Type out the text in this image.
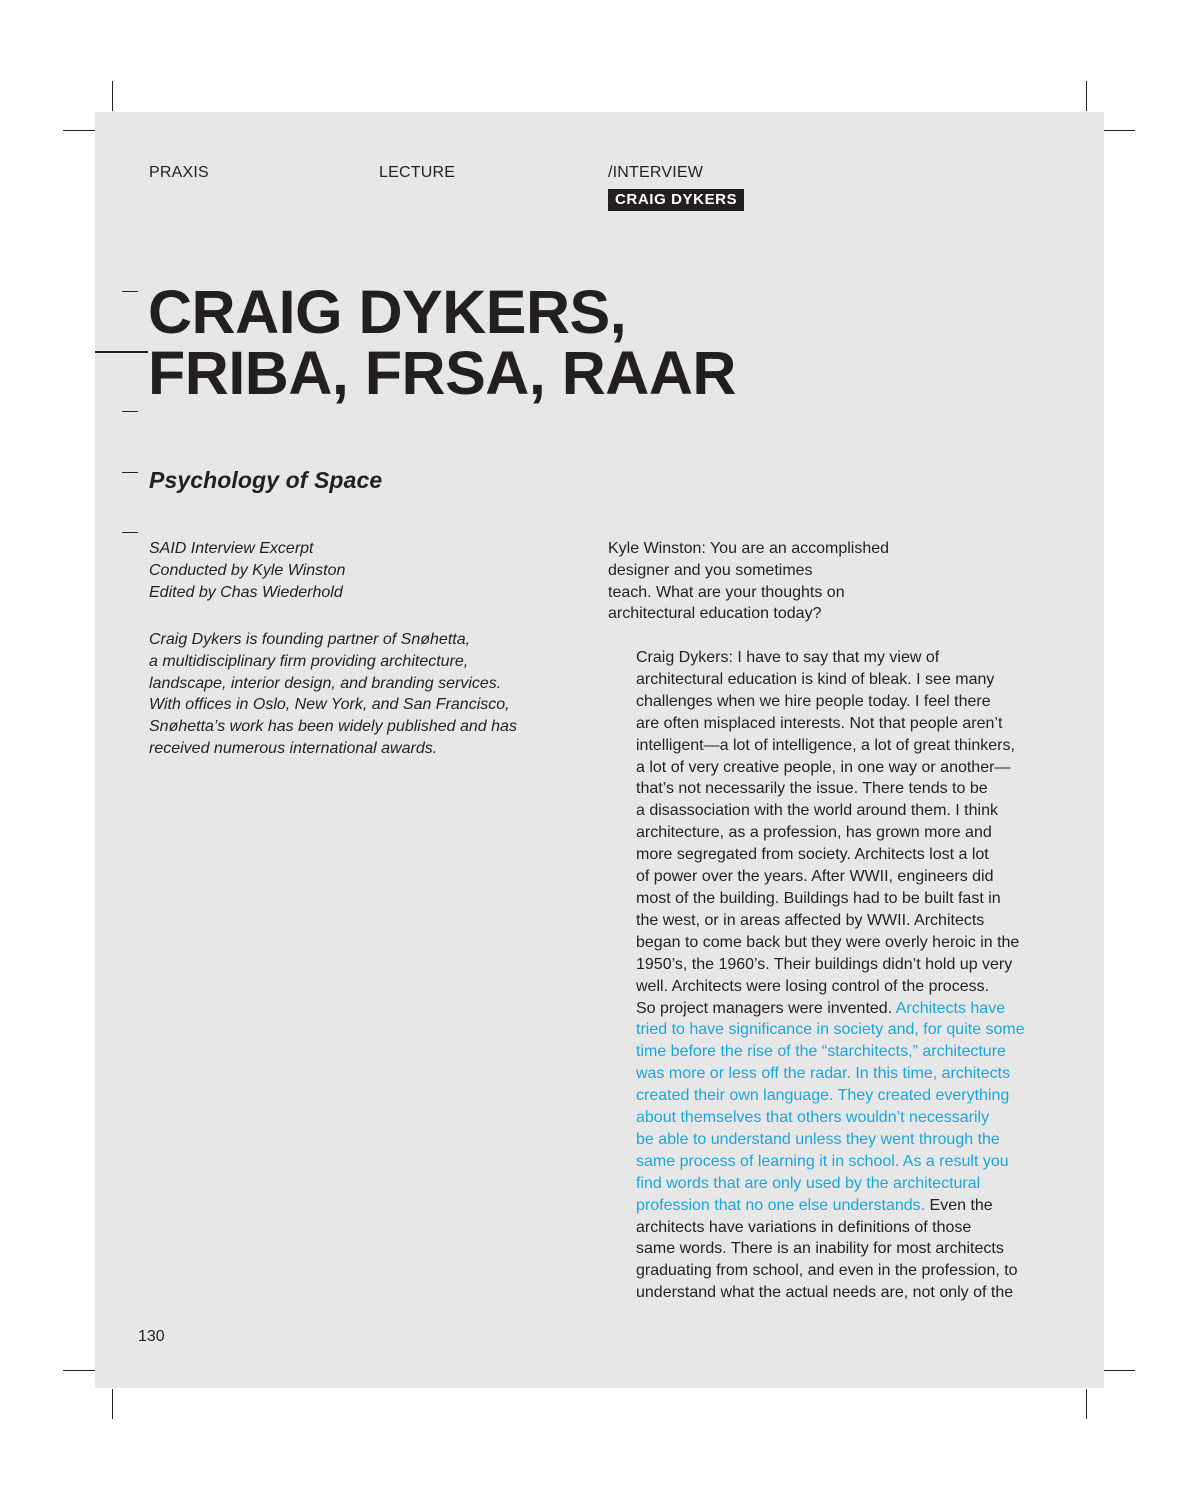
PRAXIS	LECTURE	/INTERVIEW
CRAIG DYKERS
CRAIG DYKERS,
FRIBA, FRSA, RAAR
Psychology of Space
SAID Interview Excerpt
Conducted by Kyle Winston
Edited by Chas Wiederhold
Craig Dykers is founding partner of Snøhetta,
a multidisciplinary firm providing architecture,
landscape, interior design, and branding services.
With offices in Oslo, New York, and San Francisco,
Snøhetta’s work has been widely published and has
received numerous international awards.
Kyle Winston: You are an accomplished
designer and you sometimes
teach. What are your thoughts on
architectural education today?
Craig Dykers: I have to say that my view of
architectural education is kind of bleak. I see many
challenges when we hire people today. I feel there
are often misplaced interests. Not that people aren’t
intelligent—a lot of intelligence, a lot of great thinkers,
a lot of very creative people, in one way or another—
that’s not necessarily the issue. There tends to be
a disassociation with the world around them. I think
architecture, as a profession, has grown more and
more segregated from society. Architects lost a lot
of power over the years. After WWII, engineers did
most of the building. Buildings had to be built fast in
the west, or in areas affected by WWII. Architects
began to come back but they were overly heroic in the
1950’s, the 1960’s. Their buildings didn’t hold up very
well. Architects were losing control of the process.
So project managers were invented. Architects have
tried to have significance in society and, for quite some
time before the rise of the “starchitects,” architecture
was more or less off the radar. In this time, architects
created their own language. They created everything
about themselves that others wouldn’t necessarily
be able to understand unless they went through the
same process of learning it in school. As a result you
find words that are only used by the architectural
profession that no one else understands. Even the
architects have variations in definitions of those
same words. There is an inability for most architects
graduating from school, and even in the profession, to
understand what the actual needs are, not only of the
130
